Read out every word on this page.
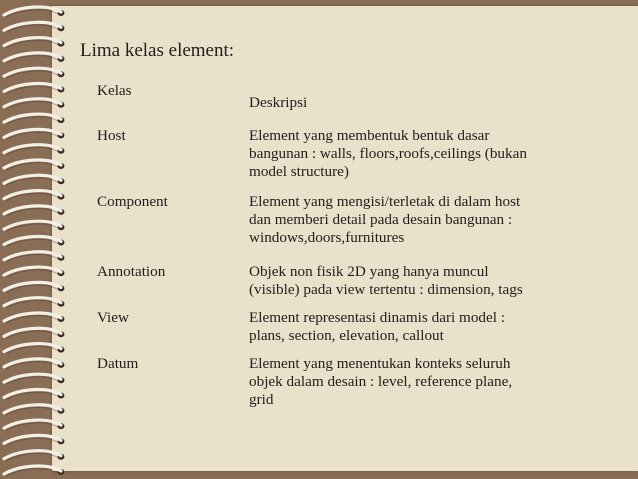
Lima kelas element:
Kelas	Deskripsi
Host	Element yang membentuk bentuk dasar
bangunan : walls, floors,roofs,ceilings (bukan
model structure)

Component	Element yang mengisi/terletak di dalam host
dan memberi detail pada desain bangunan :
windows,doors,furnitures

Annotation	Objek non fisik 2D yang hanya muncul
(visible) pada view tertentu : dimension, tags

View	Element representasi dinamis dari model :
plans, section, elevation, callout

Datum	Element yang menentukan konteks seluruh
objek dalam desain : level, reference plane,
grid
